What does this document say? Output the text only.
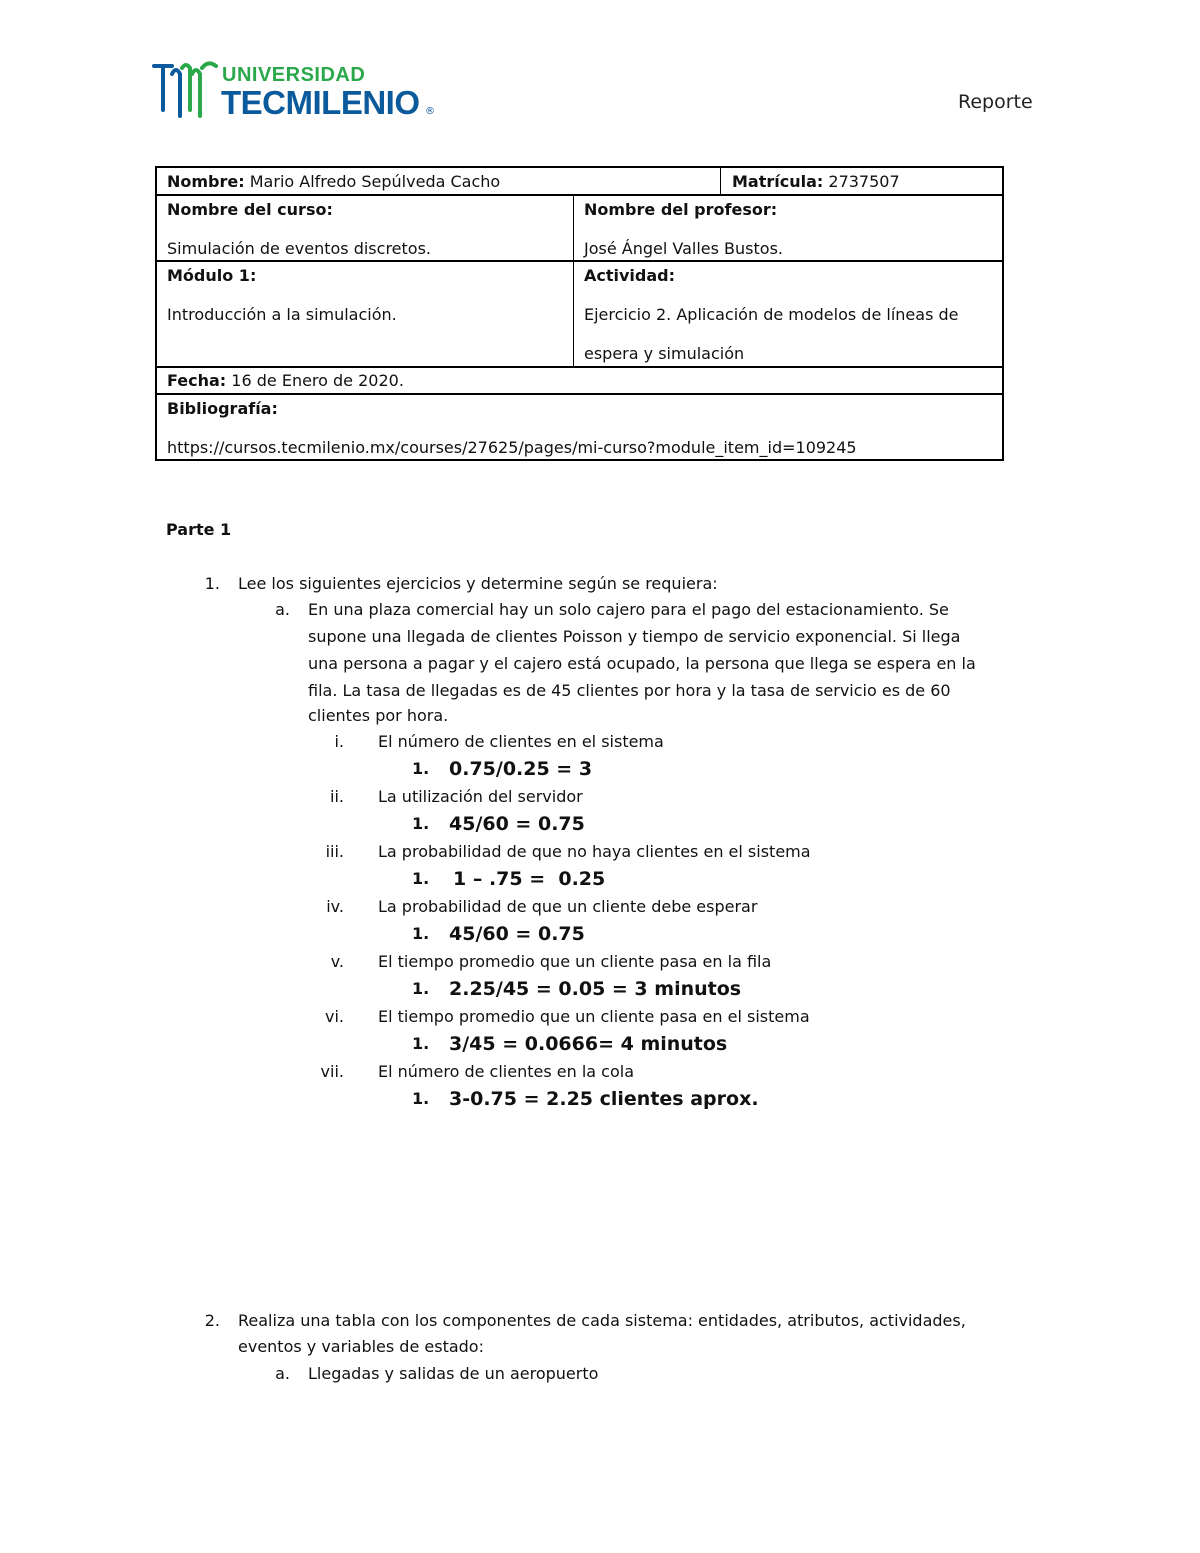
UNIVERSIDAD
TECMILENIO ®	Reporte
Nombre: Mario Alfredo Sepúlveda Cacho	Matrícula: 2737507
Nombre del curso:
Simulación de eventos discretos.
Nombre del profesor:
José Ángel Valles Bustos.
Módulo 1:
Introducción a la simulación.
Actividad:
Ejercicio 2. Aplicación de modelos de líneas de
espera y simulación
Fecha: 16 de Enero de 2020.
Bibliografía:
https://cursos.tecmilenio.mx/courses/27625/pages/mi-curso?module_item_id=109245
Parte 1
1. Lee los siguientes ejercicios y determine según se requiera:
a. En una plaza comercial hay un solo cajero para el pago del estacionamiento. Se
supone una llegada de clientes Poisson y tiempo de servicio exponencial. Si llega
una persona a pagar y el cajero está ocupado, la persona que llega se espera en la
fila. La tasa de llegadas es de 45 clientes por hora y la tasa de servicio es de 60
clientes por hora.
i. El número de clientes en el sistema
1. 0.75/0.25 = 3
ii. La utilización del servidor
1. 45/60 = 0.75
iii. La probabilidad de que no haya clientes en el sistema
1. 1 – .75 =  0.25
iv. La probabilidad de que un cliente debe esperar
1. 45/60 = 0.75
v. El tiempo promedio que un cliente pasa en la fila
1. 2.25/45 = 0.05 = 3 minutos
vi. El tiempo promedio que un cliente pasa en el sistema
1. 3/45 = 0.0666= 4 minutos
vii. El número de clientes en la cola
1. 3-0.75 = 2.25 clientes aprox.
2. Realiza una tabla con los componentes de cada sistema: entidades, atributos, actividades,
eventos y variables de estado:
a. Llegadas y salidas de un aeropuerto
